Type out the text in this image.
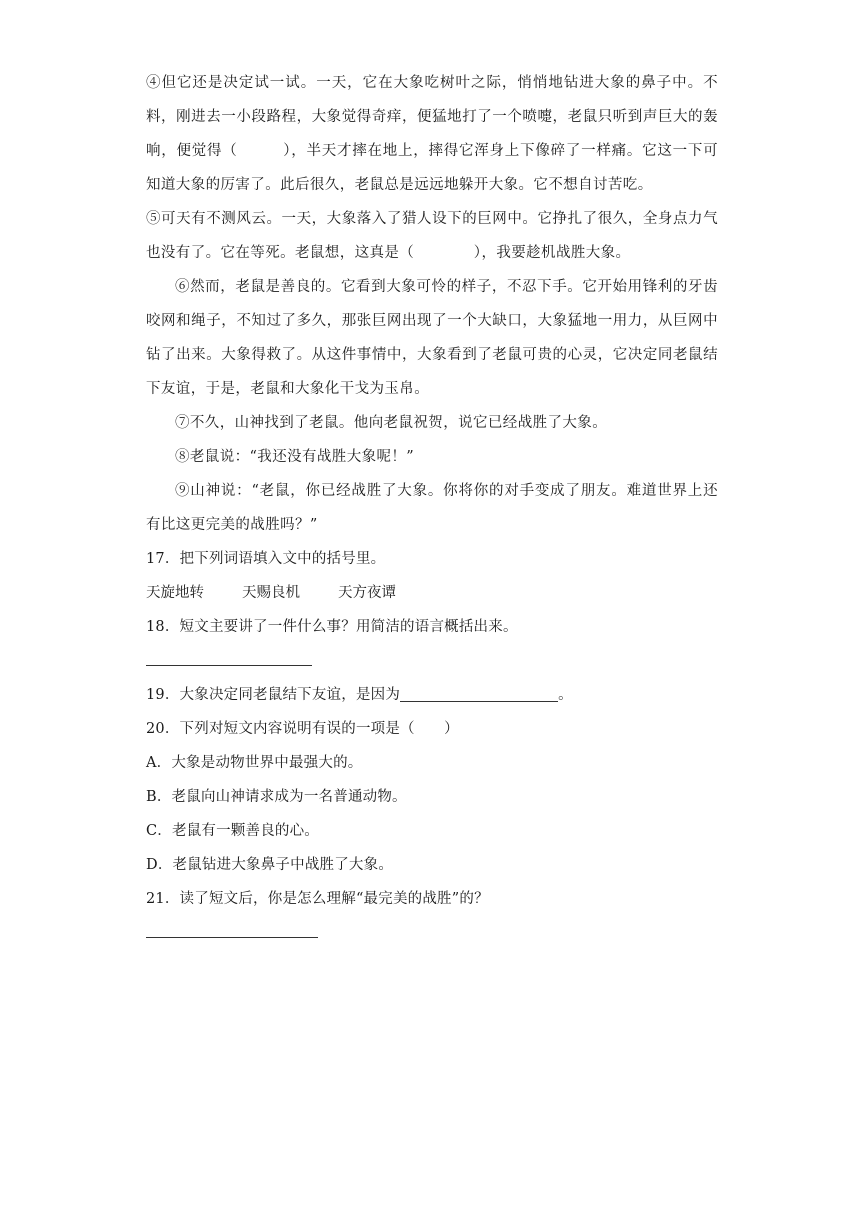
④但它还是决定试一试。一天，它在大象吃树叶之际，悄悄地钻进大象的鼻子中。不料，刚进去一小段路程，大象觉得奇痒，便猛地打了一个喷嚏，老鼠只听到声巨大的轰响，便觉得（　　　），半天才摔在地上，摔得它浑身上下像碎了一样痛。它这一下可知道大象的厉害了。此后很久，老鼠总是远远地躲开大象。它不想自讨苦吃。

⑤可天有不测风云。一天，大象落入了猎人设下的巨网中。它挣扎了很久，全身点力气也没有了。它在等死。老鼠想，这真是（　　　　），我要趁机战胜大象。

⑥然而，老鼠是善良的。它看到大象可怜的样子，不忍下手。它开始用锋利的牙齿咬网和绳子，不知过了多久，那张巨网出现了一个大缺口，大象猛地一用力，从巨网中钻了出来。大象得救了。从这件事情中，大象看到了老鼠可贵的心灵，它决定同老鼠结下友谊，于是，老鼠和大象化干戈为玉帛。

⑦不久，山神找到了老鼠。他向老鼠祝贺，说它已经战胜了大象。

⑧老鼠说：“我还没有战胜大象呢！”

⑨山神说：“老鼠，你已经战胜了大象。你将你的对手变成了朋友。难道世界上还有比这更完美的战胜吗？”

17．把下列词语填入文中的括号里。

天旋地转	天赐良机	天方夜谭

18．短文主要讲了一件什么事？用简洁的语言概括出来。

19．大象决定同老鼠结下友谊，是因为	。

20．下列对短文内容说明有误的一项是（　　）

A．大象是动物世界中最强大的。

B．老鼠向山神请求成为一名普通动物。

C．老鼠有一颗善良的心。

D．老鼠钻进大象鼻子中战胜了大象。

21．读了短文后，你是怎么理解“最完美的战胜”的？
